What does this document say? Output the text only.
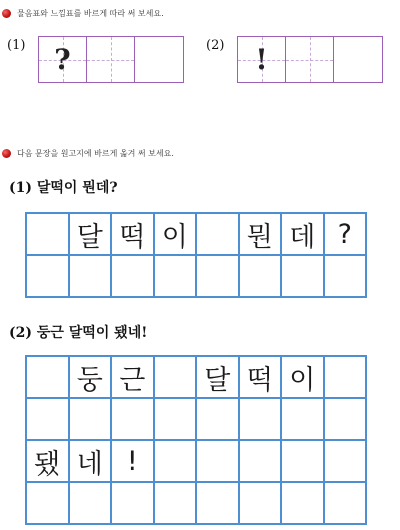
물음표와 느낌표를 바르게 따라 써 보세요.
(1) ?	(2) !
다음 문장을 원고지에 바르게 옮겨 써 보세요.
(1) 달떡이 뭔데?
달 떡 이	뭔 데 ?
(2) 둥근 달떡이 됐네!
둥 근	달 떡 이
됐 네 !
